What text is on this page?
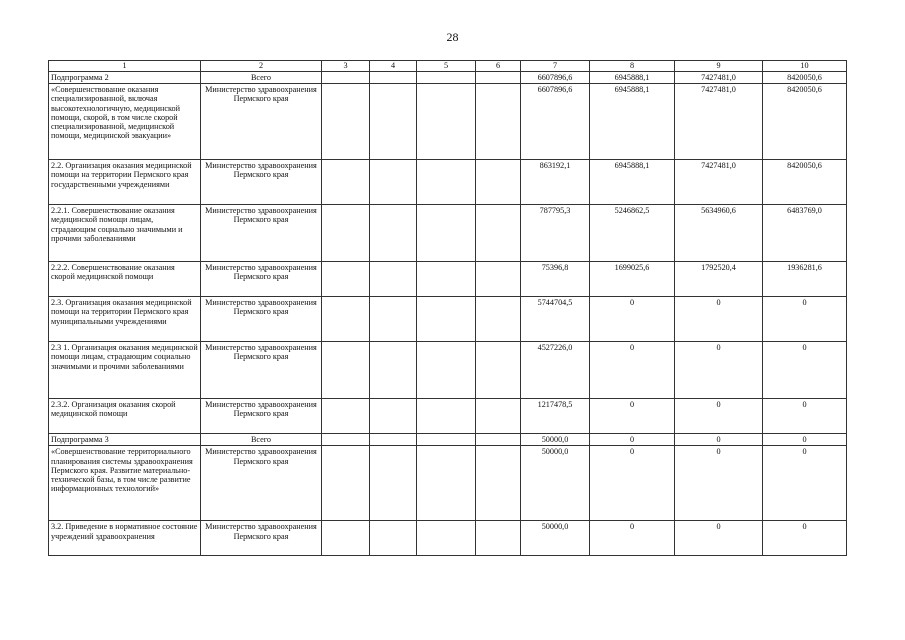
28
1	2	3	4	5	6	7	8	9	10
Подпрограмма 2	Всего					6607896,6	6945888,1	7427481,0	8420050,6
«Совершенствование оказания специализированной, включая высокотехнологичную, медицинской помощи, скорой, в том числе скорой специализированной, медицинской помощи, медицинской эвакуации»	Министерство здравоохранения Пермского края					6607896,6	6945888,1	7427481,0	8420050,6
2.2. Организация оказания медицинской помощи на территории Пермского края государственными учреждениями	Министерство здравоохранения Пермского края					863192,1	6945888,1	7427481,0	8420050,6
2.2.1. Совершенствование оказания медицинской помощи лицам, страдающим социально значимыми и прочими заболеваниями	Министерство здравоохранения Пермского края					787795,3	5246862,5	5634960,6	6483769,0
2.2.2. Совершенствование оказания скорой медицинской помощи	Министерство здравоохранения Пермского края					75396,8	1699025,6	1792520,4	1936281,6
2.3. Организация оказания медицинской помощи на территории Пермского края муниципальными учреждениями	Министерство здравоохранения Пермского края					5744704,5	0	0	0
2.3 1. Организация оказания медицинской помощи лицам, страдающим социально значимыми и прочими заболеваниями	Министерство здравоохранения Пермского края					4527226,0	0	0	0
2.3.2. Организация оказания скорой медицинской помощи	Министерство здравоохранения Пермского края					1217478,5	0	0	0
Подпрограмма 3	Всего					50000,0	0	0	0
«Совершенствование территориального планирования системы здравоохранения Пермского края. Развитие материально-технической базы, в том числе развитие информационных технологий»	Министерство здравоохранения Пермского края					50000,0	0	0	0
3.2. Приведение в нормативное состояние учреждений здравоохранения	Министерство здравоохранения Пермского края					50000,0	0	0	0
